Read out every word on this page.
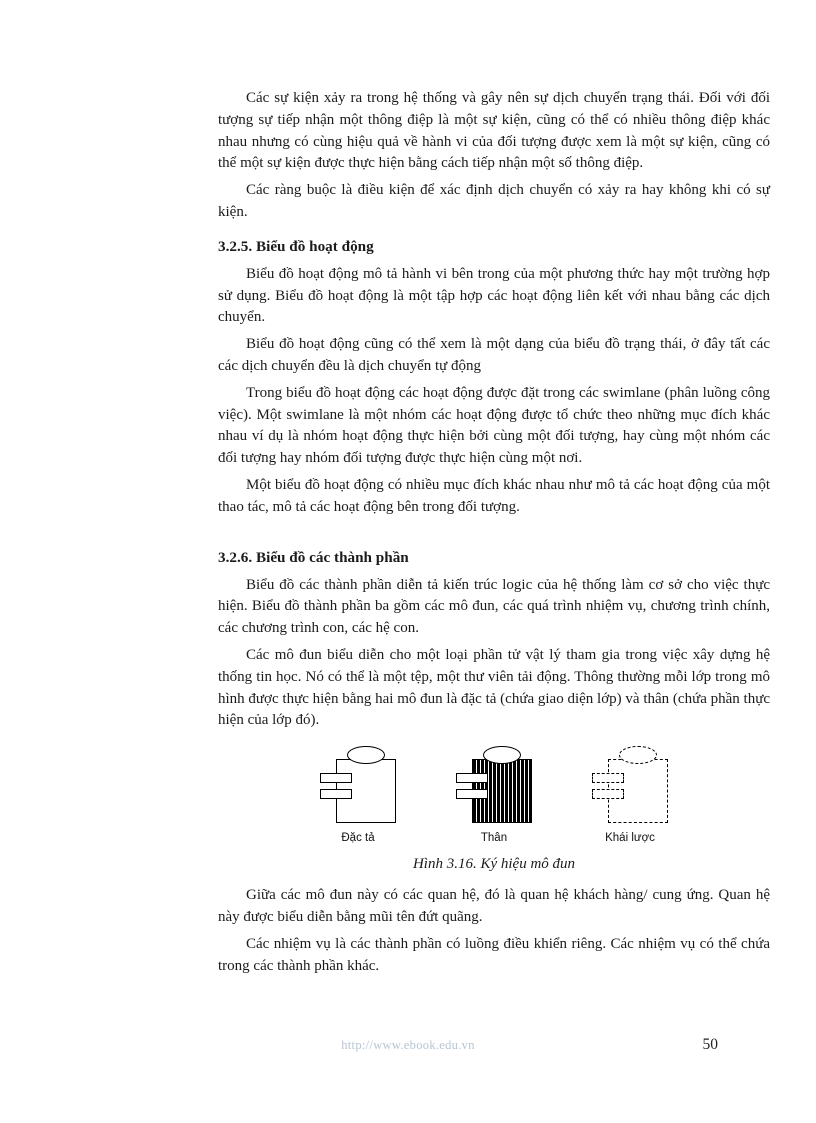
Các sự kiện xảy ra trong hệ thống và gây nên sự dịch chuyển trạng thái. Đối với đối tượng sự tiếp nhận một thông điệp là một sự kiện, cũng có thể có nhiều thông điệp khác nhau nhưng có cùng hiệu quả về hành vi của đối tượng được xem là một sự kiện, cũng có thể một sự kiện được thực hiện bằng cách tiếp nhận một số thông điệp.

Các ràng buộc là điều kiện để xác định dịch chuyển có xảy ra hay không khi có sự kiện.

3.2.5. Biểu đồ hoạt động

Biểu đồ hoạt động mô tả hành vi bên trong của một phương thức hay một trường hợp sử dụng. Biểu đồ hoạt động là một tập hợp các hoạt động liên kết với nhau bằng các dịch chuyển.

Biểu đồ hoạt động cũng có thể xem là một dạng của biểu đồ trạng thái, ở đây tất các các dịch chuyển đều là dịch chuyển tự động

Trong biểu đồ hoạt động các hoạt động được đặt trong các swimlane (phân luồng công việc). Một swimlane là một nhóm các hoạt động được tổ chức theo những mục đích khác nhau ví dụ là nhóm hoạt động thực hiện bởi cùng một đối tượng, hay cùng một nhóm các đối tượng hay nhóm đối tượng được thực hiện cùng một nơi.

Một biểu đồ hoạt động có nhiều mục đích khác nhau như mô tả các hoạt động của một thao tác, mô tả các hoạt động bên trong đối tượng.

3.2.6. Biểu đồ các thành phần

Biểu đồ các thành phần diễn tả kiến trúc logic của hệ thống làm cơ sở cho việc thực hiện. Biểu đồ thành phần ba gồm các mô đun, các quá trình nhiệm vụ, chương trình chính, các chương trình con, các hệ con.

Các mô đun biểu diễn cho một loại phần tử vật lý tham gia trong việc xây dựng hệ thống tin học. Nó có thể là một tệp, một thư viên tải động. Thông thường mỗi lớp trong mô hình được thực hiện bằng hai mô đun là đặc tả (chứa giao diện lớp) và thân (chứa phần thực hiện của lớp đó).

Đặc tả	Thân	Khái lược
Hình 3.16. Ký hiệu mô đun

Giữa các mô đun này có các quan hệ, đó là quan hệ khách hàng/ cung ứng. Quan hệ này được biểu diễn bằng mũi tên đứt quãng.

Các nhiệm vụ là các thành phần có luồng điều khiển riêng. Các nhiệm vụ có thể chứa trong các thành phần khác.

http://www.ebook.edu.vn	50
